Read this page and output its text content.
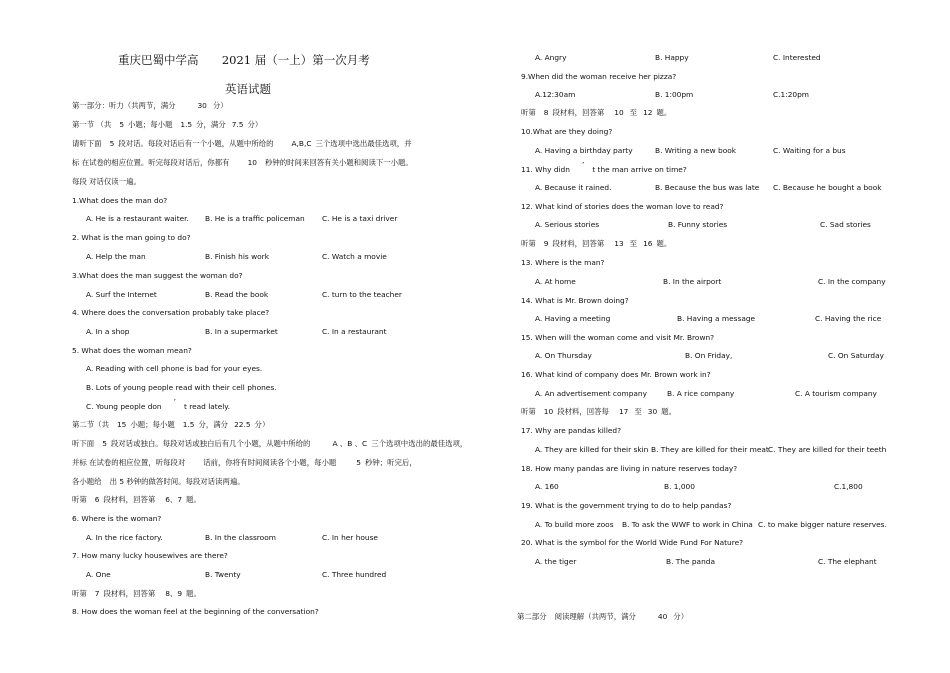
重庆巴蜀中学高 2021 届（一上）第一次月考
英语试题
第一部分：听力（共两节，满分	30 分）
第一节 （共 5 小题；每小题 1.5 分，满分 7.5 分）
请听下面 5 段对话。每段对话后有一个小题，从题中所给的 A,B,C 三个选项中选出最佳选项，并
标 在试卷的相应位置。听完每段对话后，你都有 10 秒钟的时间来回答有关小题和阅读下一小题。
每段 对话仅读一遍。
1.What does the man do?
A. He is a restaurant waiter. B. He is a traffic policeman C. He is a taxi driver
2. What is the man going to do?
A. Help the man	B. Finish his work	C. Watch a movie
3.What does the man suggest the woman do?
A. Surf the Internet	B. Read the book	C. turn to the teacher
4. Where does the conversation probably take place?
A. In a shop	B. In a supermarket	C. In a restaurant
5. What does the woman mean?
A. Reading with cell phone is bad for your eyes.
B. Lots of young people read with their cell phones.
C. Young people don’t read lately.
第二节（共 15 小题；每小题 1.5 分，满分 22.5 分）
听下面 5 段对话或独白。每段对话或独白后有几个小题，从题中所给的	A 、B 、C 三个选项中选出的最佳选项，
并标 在试卷的相应位置，听每段对 话前，你将有时间阅读各个小题，每小题	5 秒钟；听完后，
各小题给 出 5 秒钟的做答时间。每段对话读两遍。
听第 6 段材料，回答第 6、7 题。
6. Where is the woman?
A. In the rice factory.	B. In the classroom	C. In her house
7. How many lucky housewives are there?
A. One	B. Twenty	C. Three hundred
听第 7 段材料，回答第 8、9 题。
8. How does the woman feel at the beginning of the conversation?
A. Angry	B. Happy	C. Interested
9.When did the woman receive her pizza?
A.12:30am	B. 1:00pm	C.1:20pm
听第 8 段材料，回答第 10 至 12 题。
10.What are they doing?
A. Having a birthday party	B. Writing a new book	C. Waiting for a bus
11. Why didn’t the man arrive on time?
A. Because it rained.	B. Because the bus was late C. Because he bought a book
12. What kind of stories does the woman love to read?
A. Serious stories	B. Funny stories	C. Sad stories
听第 9 段材料，回答第 13 至 16 题。
13. Where is the man?
A. At home	B. In the airport	C. In the company
14. What is Mr. Brown doing?
A. Having a meeting	B. Having a message	C. Having the rice
15. When will the woman come and visit Mr. Brown?
A. On Thursday	B. On Friday,	C. On Saturday
16. What kind of company does Mr. Brown work in?
A. An advertisement company	B. A rice company	C. A tourism company
听第 10 段材料，回答每 17 至 30 题。
17. Why are pandas killed?
A. They are killed for their skin B. They are killed for their meat C. They are killed for their teeth
18. How many pandas are living in nature reserves today?
A. 160	B. 1,000	C.1,800
19. What is the government trying to do to help pandas?
A. To build more zoos B. To ask the WWF to work in China C. to make bigger nature reserves.
20. What is the symbol for the World Wide Fund For Nature?
A. the tiger	B. The panda	C. The elephant
第二部分 阅读理解（共两节，满分	40 分）
